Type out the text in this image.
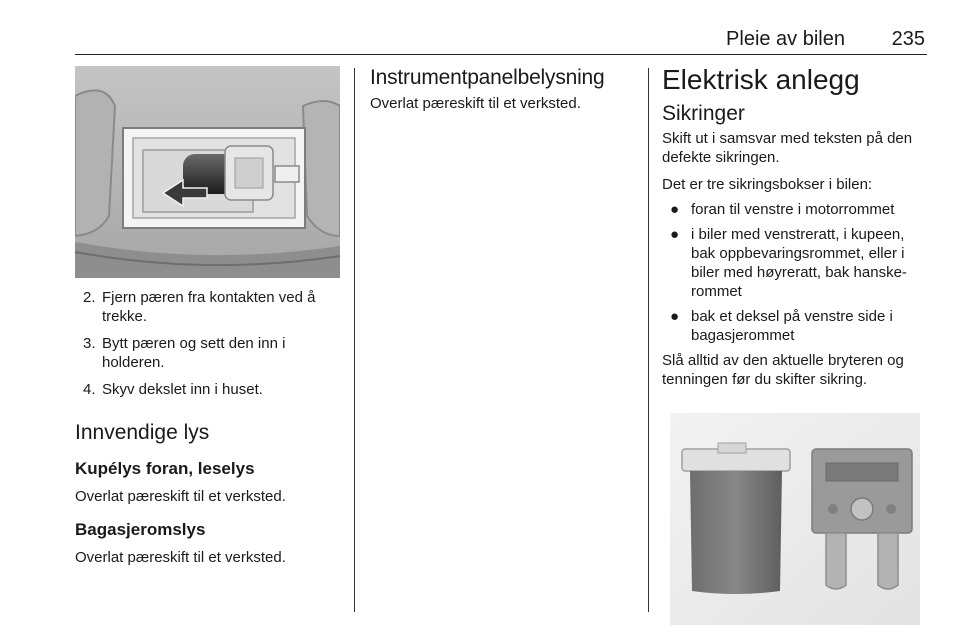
Pleie av bilen 235
2. Fjern pæren fra kontakten ved å trekke.
3. Bytt pæren og sett den inn i holderen.
4. Skyv dekslet inn i huset.
Innvendige lys
Kupélys foran, leselys

Overlat pæreskift til et verksted.

Bagasjeromslys

Overlat pæreskift til et verksted.

Instrumentpanelbelysning

Overlat pæreskift til et verksted.

Elektrisk anlegg
Sikringer

Skift ut i samsvar med teksten på den defekte sikringen.

Det er tre sikringsbokser i bilen:

● foran til venstre i motorrommet
● i biler med venstreratt, i kupeen, bak oppbevaringsrommet, eller i biler med høyreratt, bak hanske-rommet
● bak et deksel på venstre side i bagasjerommet

Slå alltid av den aktuelle bryteren og tenningen før du skifter sikring.
